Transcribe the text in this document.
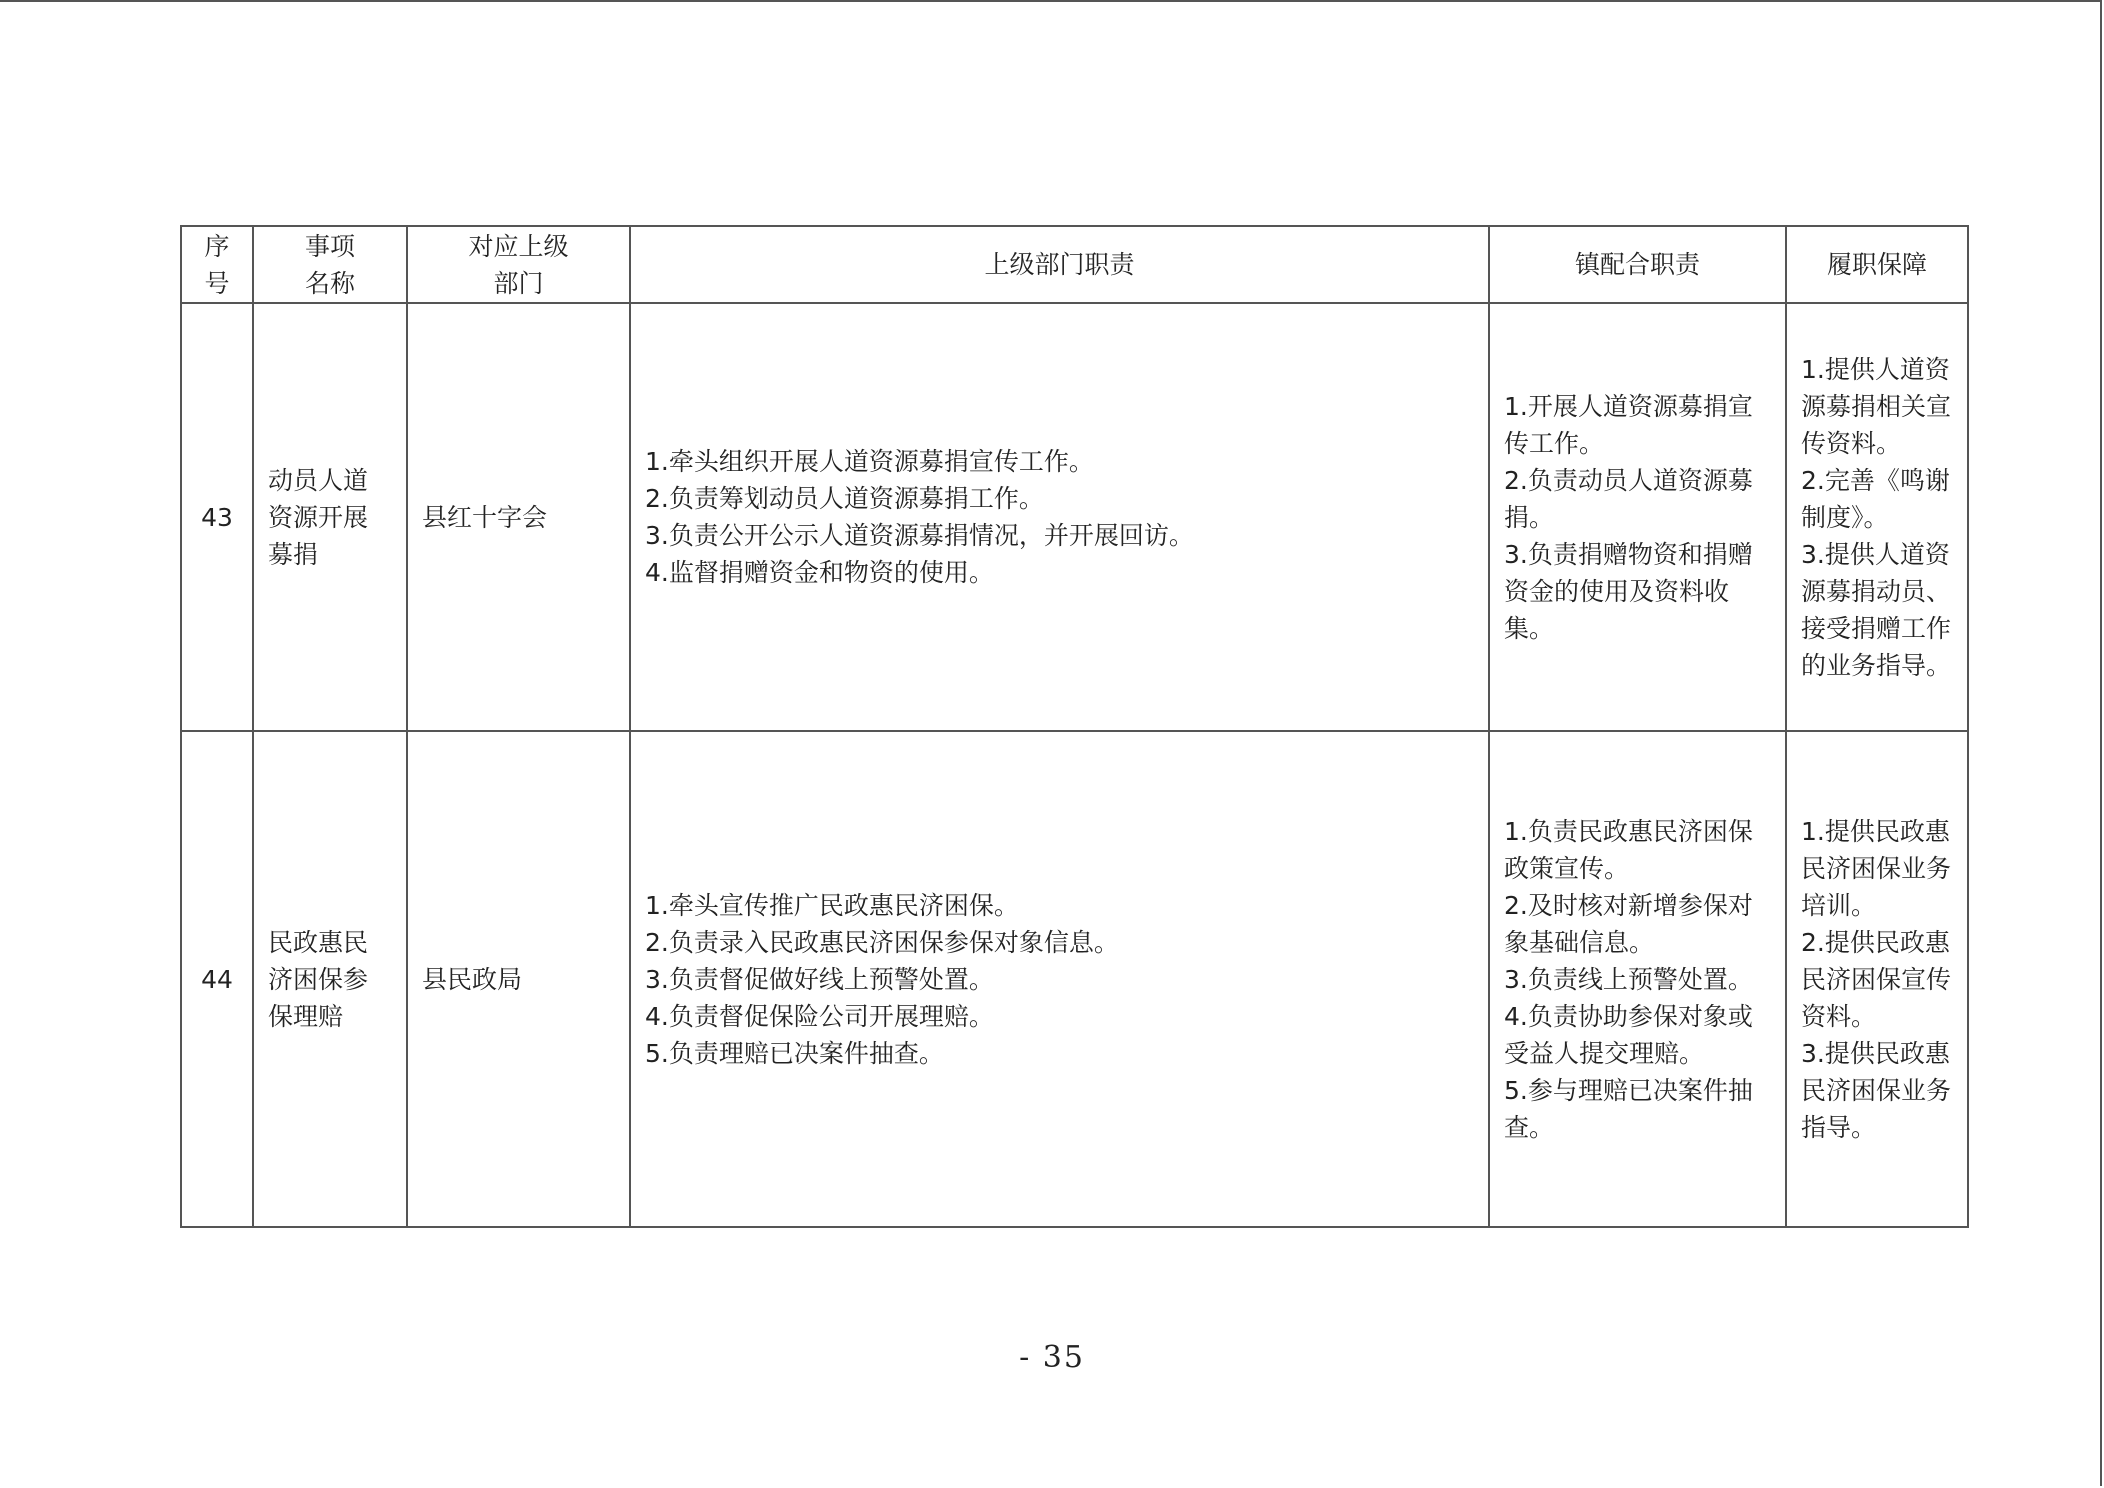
序
号	事项
名称	对应上级
部门	上级部门职责	镇配合职责	履职保障
43	动员人道
资源开展
募捐	县红十字会	1.牵头组织开展人道资源募捐宣传工作。
2.负责筹划动员人道资源募捐工作。
3.负责公开公示人道资源募捐情况，并开展回访。
4.监督捐赠资金和物资的使用。	1.开展人道资源募捐宣传工作。
2.负责动员人道资源募捐。
3.负责捐赠物资和捐赠资金的使用及资料收集。	1.提供人道资源募捐相关宣传资料。
2.完善《鸣谢制度》。
3.提供人道资源募捐动员、接受捐赠工作的业务指导。

44	民政惠民
济困保参
保理赔	县民政局	1.牵头宣传推广民政惠民济困保。
2.负责录入民政惠民济困保参保对象信息。
3.负责督促做好线上预警处置。
4.负责督促保险公司开展理赔。
5.负责理赔已决案件抽查。	1.负责民政惠民济困保政策宣传。
2.及时核对新增参保对象基础信息。
3.负责线上预警处置。
4.负责协助参保对象或受益人提交理赔。
5.参与理赔已决案件抽查。	1.提供民政惠民济困保业务培训。
2.提供民政惠民济困保宣传资料。
3.提供民政惠民济困保业务指导。
- 35
